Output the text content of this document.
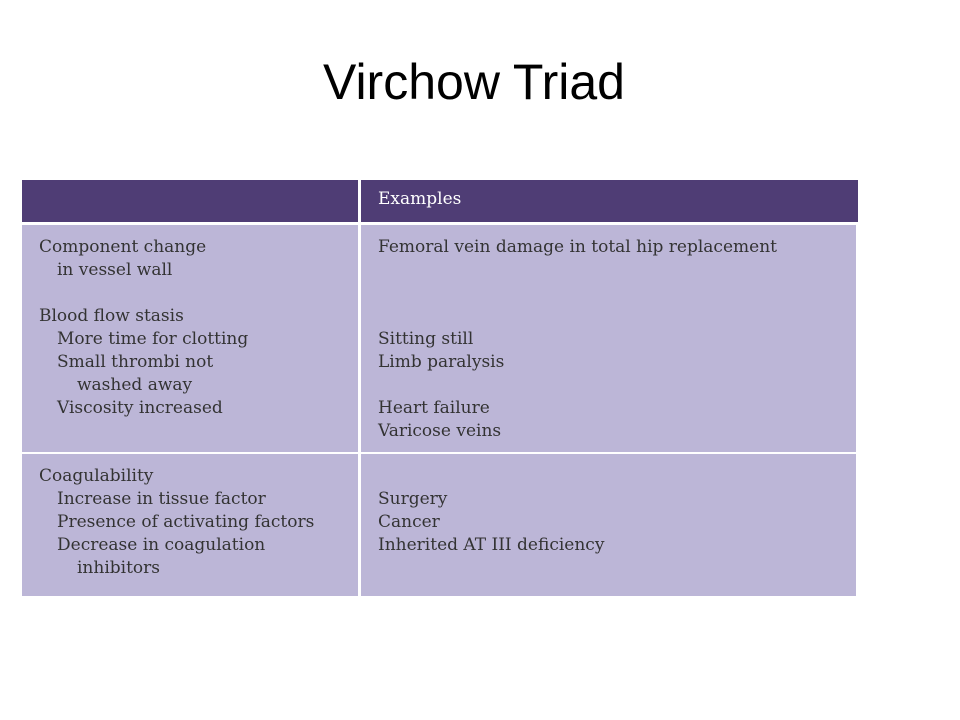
Virchow Triad
Examples
Component change
in vessel wall
Femoral vein damage in total hip replacement
Blood flow stasis
More time for clotting
Small thrombi not
washed away
Viscosity increased
Sitting still
Limb paralysis
Heart failure
Varicose veins
Coagulability
Increase in tissue factor
Presence of activating factors
Decrease in coagulation
inhibitors
Surgery
Cancer
Inherited AT III deficiency
